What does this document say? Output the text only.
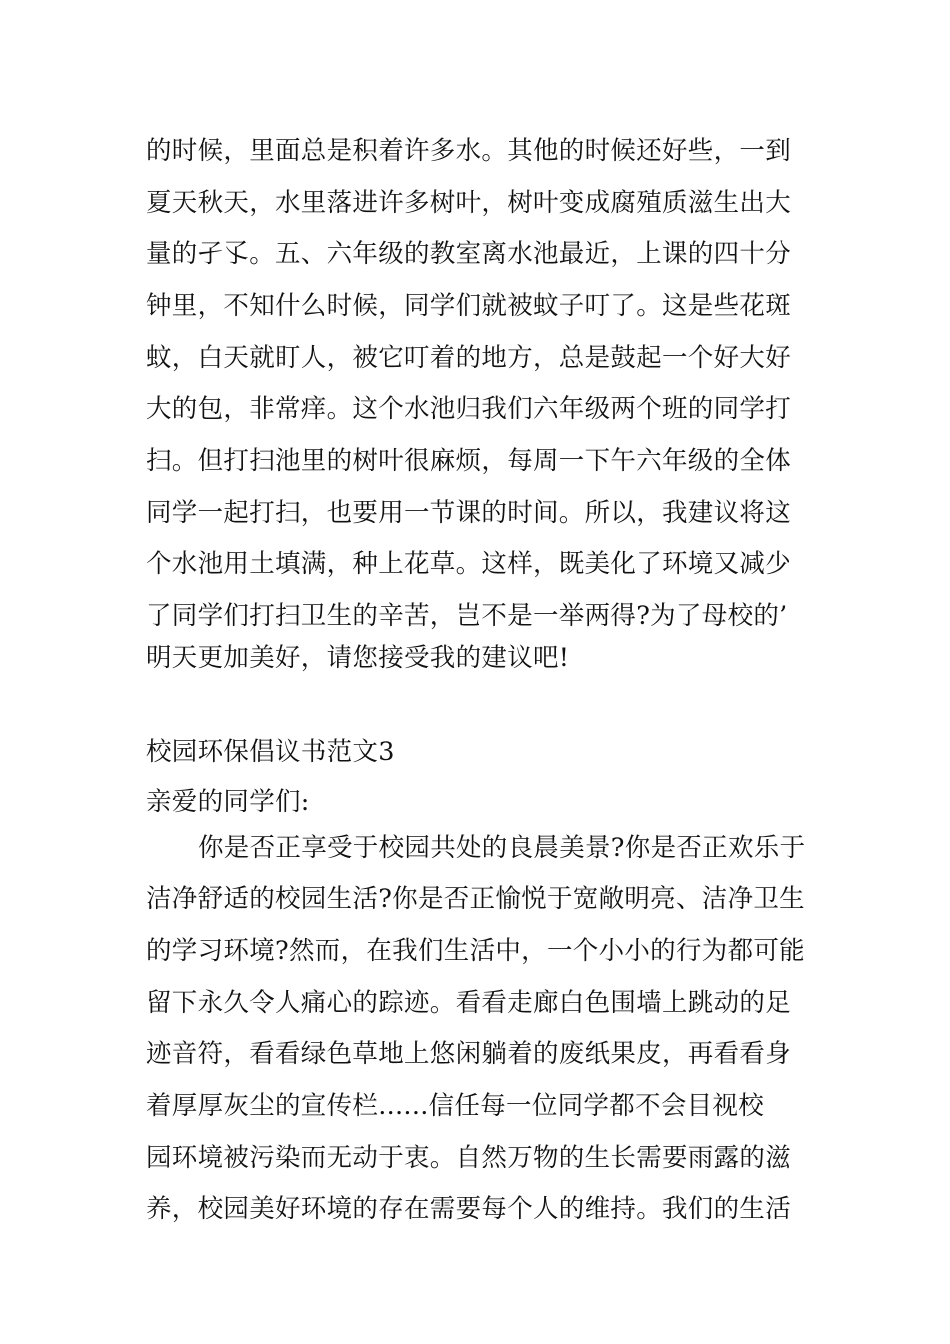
的时候，里面总是积着许多水。其他的时候还好些，一到
夏天秋天，水里落进许多树叶，树叶变成腐殖质滋生出大
量的孑孓。五、六年级的教室离水池最近，上课的四十分
钟里，不知什么时候，同学们就被蚊子叮了。这是些花斑
蚊，白天就盯人，被它叮着的地方，总是鼓起一个好大好
大的包，非常痒。这个水池归我们六年级两个班的同学打
扫。但打扫池里的树叶很麻烦，每周一下午六年级的全体
同学一起打扫，也要用一节课的时间。所以，我建议将这
个水池用土填满，种上花草。这样，既美化了环境又减少
了同学们打扫卫生的辛苦，岂不是一举两得?为了母校的’
明天更加美好，请您接受我的建议吧!
校园环保倡议书范文3
亲爱的同学们:
你是否正享受于校园共处的良晨美景?你是否正欢乐于
洁净舒适的校园生活?你是否正愉悦于宽敞明亮、洁净卫生
的学习环境?然而，在我们生活中，一个小小的行为都可能
留下永久令人痛心的踪迹。看看走廊白色围墙上跳动的足
迹音符，看看绿色草地上悠闲躺着的废纸果皮，再看看身
着厚厚灰尘的宣传栏......信任每一位同学都不会目视校
园环境被污染而无动于衷。自然万物的生长需要雨露的滋
养，校园美好环境的存在需要每个人的维持。我们的生活
